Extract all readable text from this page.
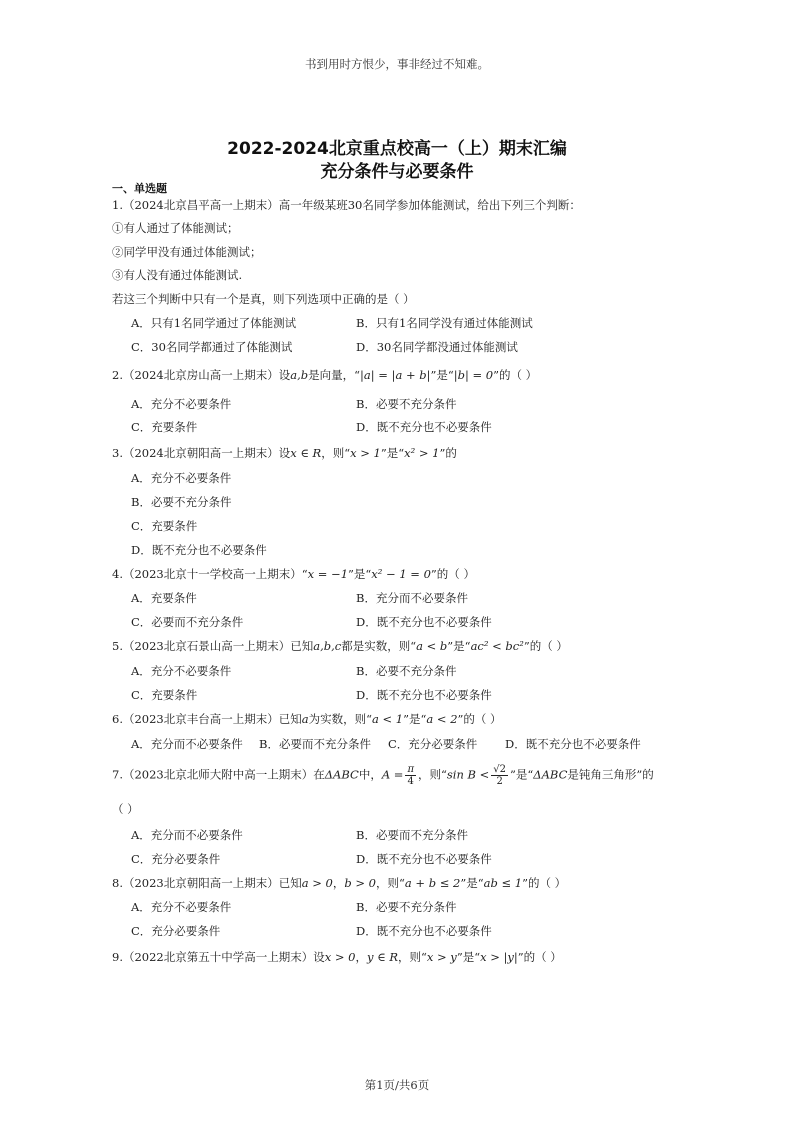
书到用时方恨少，事非经过不知难。
2022-2024北京重点校高一（上）期末汇编
充分条件与必要条件
一、单选题
1.（2024北京昌平高一上期末）高一年级某班30名同学参加体能测试，给出下列三个判断：
①有人通过了体能测试；
②同学甲没有通过体能测试；
③有人没有通过体能测试.
若这三个判断中只有一个是真，则下列选项中正确的是（ ）
A．只有1名同学通过了体能测试	B．只有1名同学没有通过体能测试
C．30名同学都通过了体能测试	D．30名同学都没通过体能测试
2.（2024北京房山高一上期末）设a,b是向量，“|a| = |a + b|”是“|b| = 0”的（ ）
A．充分不必要条件	B．必要不充分条件
C．充要条件	D．既不充分也不必要条件
3.（2024北京朝阳高一上期末）设x ∈ R，则“x > 1”是“x² > 1”的
A．充分不必要条件
B．必要不充分条件
C．充要条件
D．既不充分也不必要条件
4.（2023北京十一学校高一上期末）“x = −1”是“x² − 1 = 0”的（ ）
A．充要条件	B．充分而不必要条件
C．必要而不充分条件	D．既不充分也不必要条件
5.（2023北京石景山高一上期末）已知a,b,c都是实数，则“a < b”是“ac² < bc²”的（ ）
A．充分不必要条件	B．必要不充分条件
C．充要条件	D．既不充分也不必要条件
6.（2023北京丰台高一上期末）已知a为实数，则“a < 1”是“a < 2”的（ ）
A．充分而不必要条件 B．必要而不充分条件 C．充分必要条件 D．既不充分也不必要条件
7.（2023北京北师大附中高一上期末）在ΔABC中，$A = \frac{\pi}{4}$ ，则“sin $B < \frac{√2}{2}$ ”是“ΔABC是钝角三角形”的
（ ）
A．充分而不必要条件	B．必要而不充分条件
C．充分必要条件	D．既不充分也不必要条件
8.（2023北京朝阳高一上期末）已知a > 0，b > 0，则“a + b ≤ 2”是“ab ≤ 1”的（ ）
A．充分不必要条件	B．必要不充分条件
C．充分必要条件	D．既不充分也不必要条件
9.（2022北京第五十中学高一上期末）设x > 0，y ∈ R，则“x > y”是“x > |y|”的（ ）
第1页/共6页
